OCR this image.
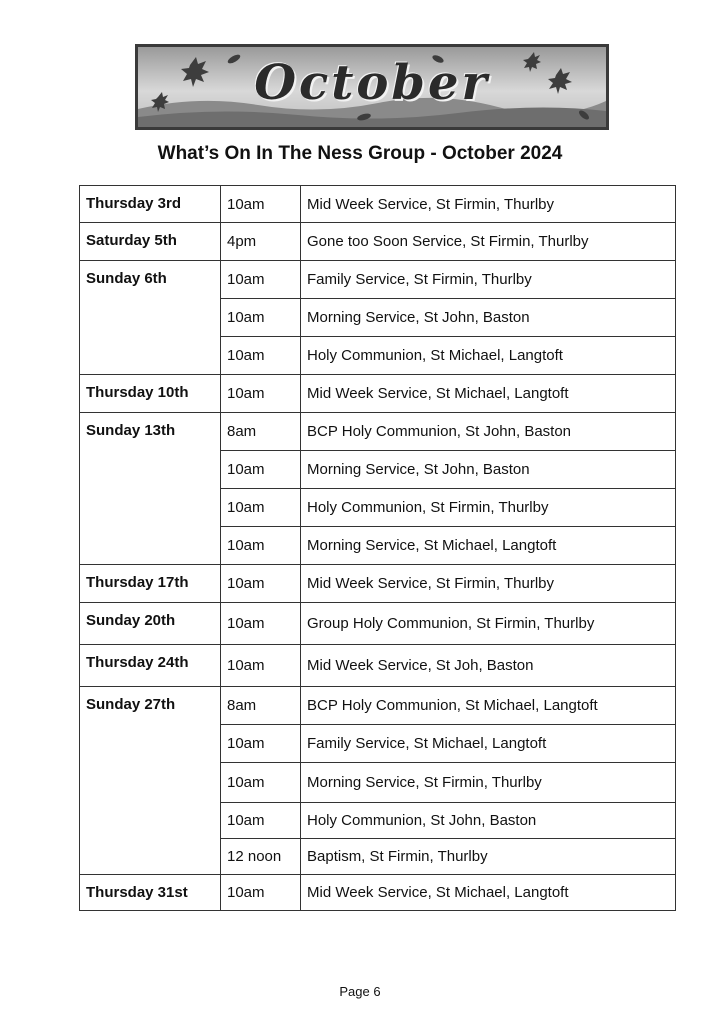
October
What’s On In The Ness Group - October 2024
Thursday 3rd	10am	Mid Week Service, St Firmin, Thurlby
Saturday 5th	4pm	Gone too Soon Service, St Firmin, Thurlby
Sunday 6th	10am	Family Service, St Firmin, Thurlby
	10am	Morning Service, St John, Baston
	10am	Holy Communion, St Michael, Langtoft
Thursday 10th	10am	Mid Week Service, St Michael, Langtoft
Sunday 13th	8am	BCP Holy Communion, St John, Baston
	10am	Morning Service, St John, Baston
	10am	Holy Communion, St Firmin, Thurlby
	10am	Morning Service, St Michael, Langtoft
Thursday 17th	10am	Mid Week Service, St Firmin, Thurlby
Sunday 20th	10am	Group Holy Communion, St Firmin, Thurlby
Thursday 24th	10am	Mid Week Service, St Joh, Baston
Sunday 27th	8am	BCP Holy Communion, St Michael, Langtoft
	10am	Family Service, St Michael, Langtoft
	10am	Morning Service, St Firmin, Thurlby
	10am	Holy Communion, St John, Baston
	12 noon	Baptism, St Firmin, Thurlby
Thursday 31st	10am	Mid Week Service, St Michael, Langtoft
Page 6
